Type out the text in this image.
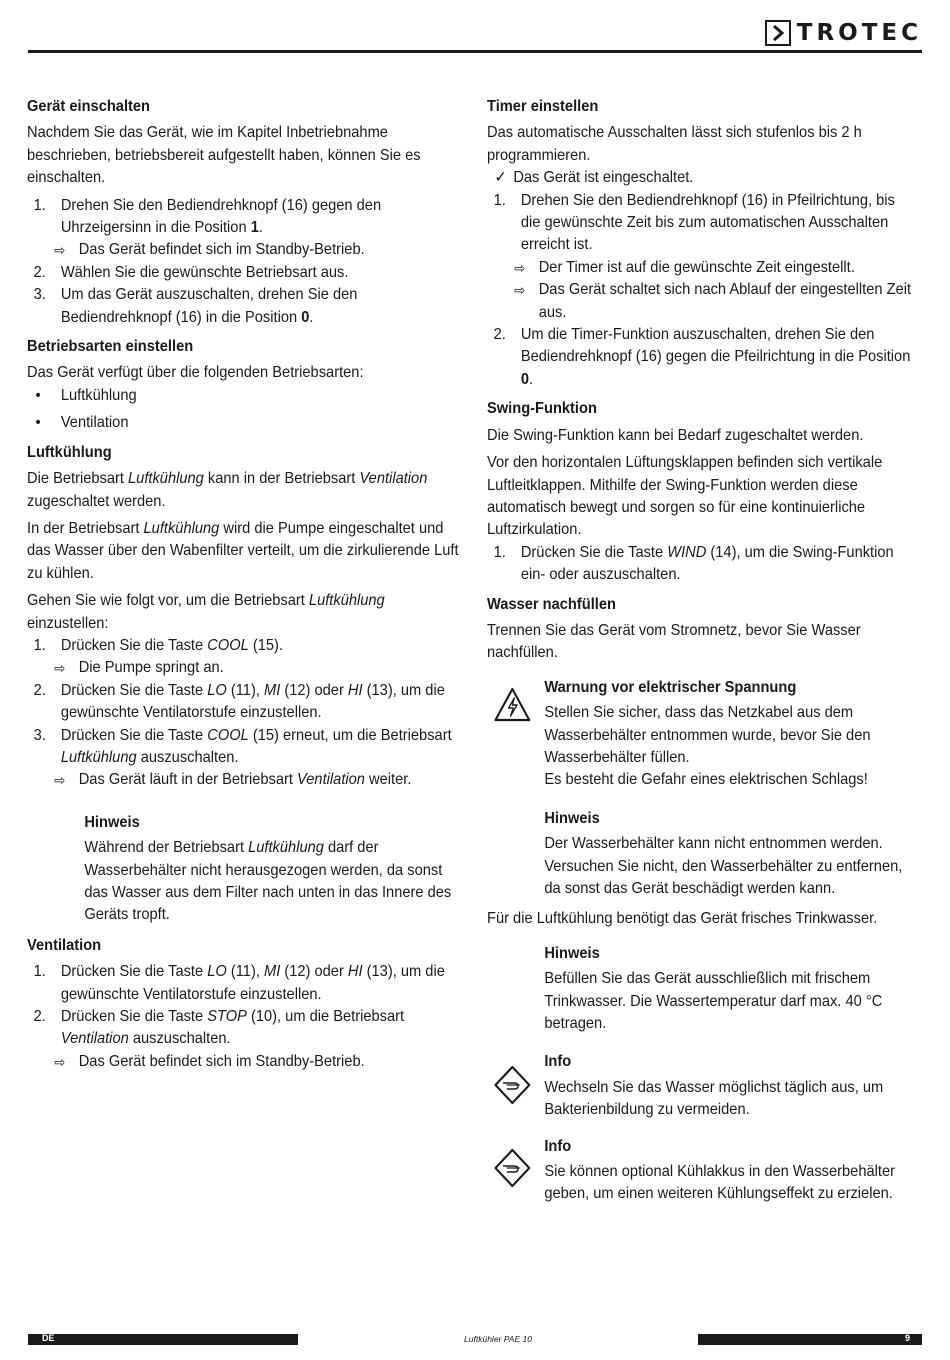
TROTEC
Gerät einschalten

Nachdem Sie das Gerät, wie im Kapitel Inbetriebnahme beschrieben, betriebsbereit aufgestellt haben, können Sie es einschalten.

1. Drehen Sie den Bediendrehknopf (16) gegen den Uhrzeigersinn in die Position 1.
⇨ Das Gerät befindet sich im Standby-Betrieb.
2. Wählen Sie die gewünschte Betriebsart aus.
3. Um das Gerät auszuschalten, drehen Sie den Bediendrehknopf (16) in die Position 0.
Betriebsarten einstellen

Das Gerät verfügt über die folgenden Betriebsarten:

• Luftkühlung
• Ventilation
Luftkühlung

Die Betriebsart Luftkühlung kann in der Betriebsart Ventilation zugeschaltet werden.

In der Betriebsart Luftkühlung wird die Pumpe eingeschaltet und das Wasser über den Wabenfilter verteilt, um die zirkulierende Luft zu kühlen.

Gehen Sie wie folgt vor, um die Betriebsart Luftkühlung einzustellen:

1. Drücken Sie die Taste COOL (15).
⇨ Die Pumpe springt an.
2. Drücken Sie die Taste LO (11), MI (12) oder HI (13), um die gewünschte Ventilatorstufe einzustellen.
3. Drücken Sie die Taste COOL (15) erneut, um die Betriebsart Luftkühlung auszuschalten.
⇨ Das Gerät läuft in der Betriebsart Ventilation weiter.
Hinweis

Während der Betriebsart Luftkühlung darf der Wasserbehälter nicht herausgezogen werden, da sonst das Wasser aus dem Filter nach unten in das Innere des Geräts tropft.

Ventilation
1. Drücken Sie die Taste LO (11), MI (12) oder HI (13), um die gewünschte Ventilatorstufe einzustellen.
2. Drücken Sie die Taste STOP (10), um die Betriebsart Ventilation auszuschalten.
⇨ Das Gerät befindet sich im Standby-Betrieb.
Timer einstellen

Das automatische Ausschalten lässt sich stufenlos bis 2 h programmieren.

✓ Das Gerät ist eingeschaltet.
1. Drehen Sie den Bediendrehknopf (16) in Pfeilrichtung, bis die gewünschte Zeit bis zum automatischen Ausschalten erreicht ist.
⇨ Der Timer ist auf die gewünschte Zeit eingestellt.
⇨ Das Gerät schaltet sich nach Ablauf der eingestellten Zeit aus.
2. Um die Timer-Funktion auszuschalten, drehen Sie den Bediendrehknopf (16) gegen die Pfeilrichtung in die Position 0.
Swing-Funktion

Die Swing-Funktion kann bei Bedarf zugeschaltet werden.

Vor den horizontalen Lüftungsklappen befinden sich vertikale Luftleitklappen. Mithilfe der Swing-Funktion werden diese automatisch bewegt und sorgen so für eine kontinuierliche Luftzirkulation.

1. Drücken Sie die Taste WIND (14), um die Swing-Funktion ein- oder auszuschalten.
Wasser nachfüllen

Trennen Sie das Gerät vom Stromnetz, bevor Sie Wasser nachfüllen.

Warnung vor elektrischer Spannung

Stellen Sie sicher, dass das Netzkabel aus dem Wasserbehälter entnommen wurde, bevor Sie den Wasserbehälter füllen.
Es besteht die Gefahr eines elektrischen Schlags!

Hinweis

Der Wasserbehälter kann nicht entnommen werden. Versuchen Sie nicht, den Wasserbehälter zu entfernen, da sonst das Gerät beschädigt werden kann.

Für die Luftkühlung benötigt das Gerät frisches Trinkwasser.

Hinweis

Befüllen Sie das Gerät ausschließlich mit frischem Trinkwasser. Die Wassertemperatur darf max. 40 °C betragen.

Info

Wechseln Sie das Wasser möglichst täglich aus, um Bakterienbildung zu vermeiden.

Info

Sie können optional Kühlakkus in den Wasserbehälter geben, um einen weiteren Kühlungseffekt zu erzielen.

DE	Luftkühler PAE 10	9
